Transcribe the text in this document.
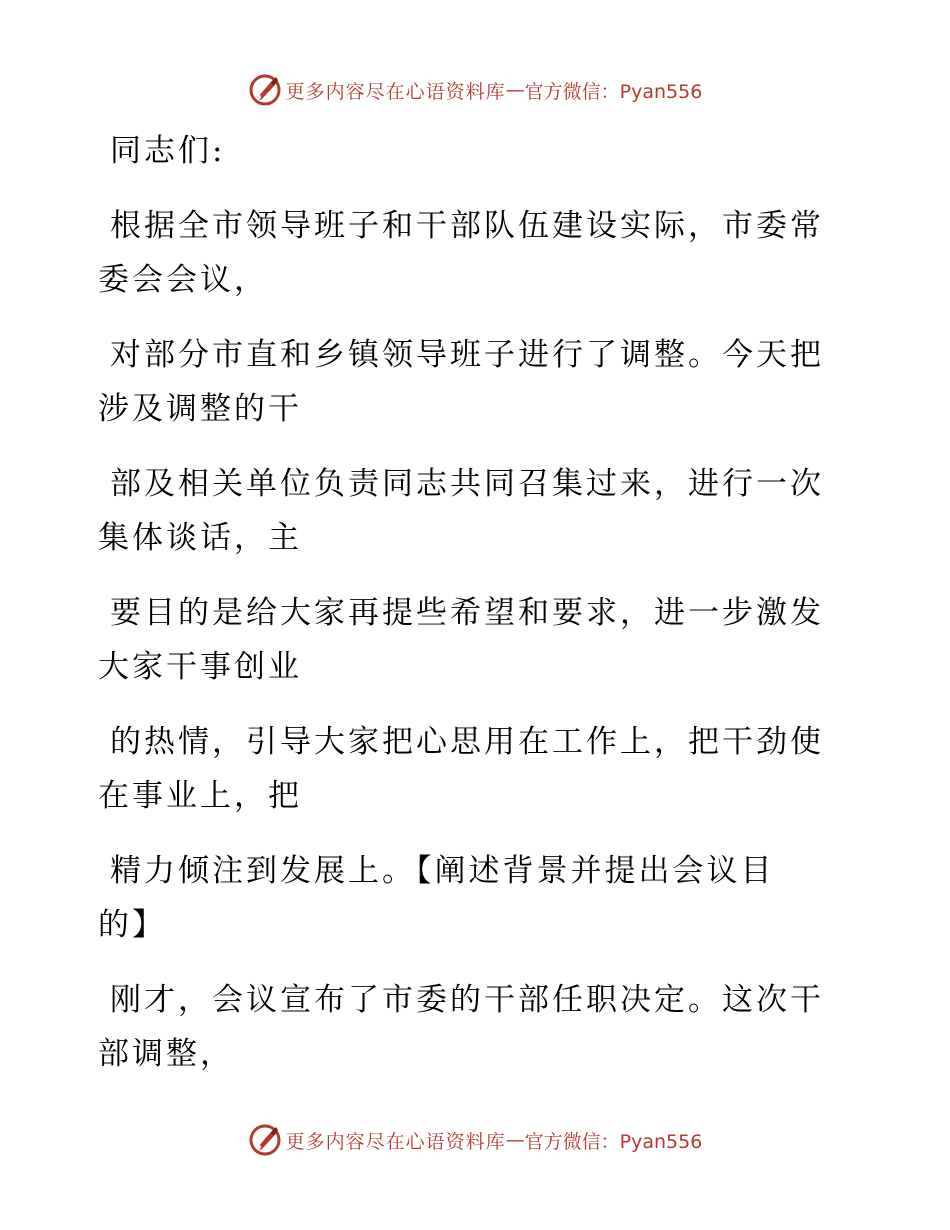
更多内容尽在心语资料库 — 官方微信：Pyan556

同志们:

根据全市领导班子和干部队伍建设实际，市委常委会会议，

对部分市直和乡镇领导班子进行了调整。今天把涉及调整的干

部及相关单位负责同志共同召集过来，进行一次集体谈话，主

要目的是给大家再提些希望和要求，进一步激发大家干事创业

的热情，引导大家把心思用在工作上，把干劲使在事业上，把

精力倾注到发展上。【阐述背景并提出会议目的】

刚才，会议宣布了市委的干部任职决定。这次干部调整，

更多内容尽在心语资料库 — 官方微信：Pyan556
